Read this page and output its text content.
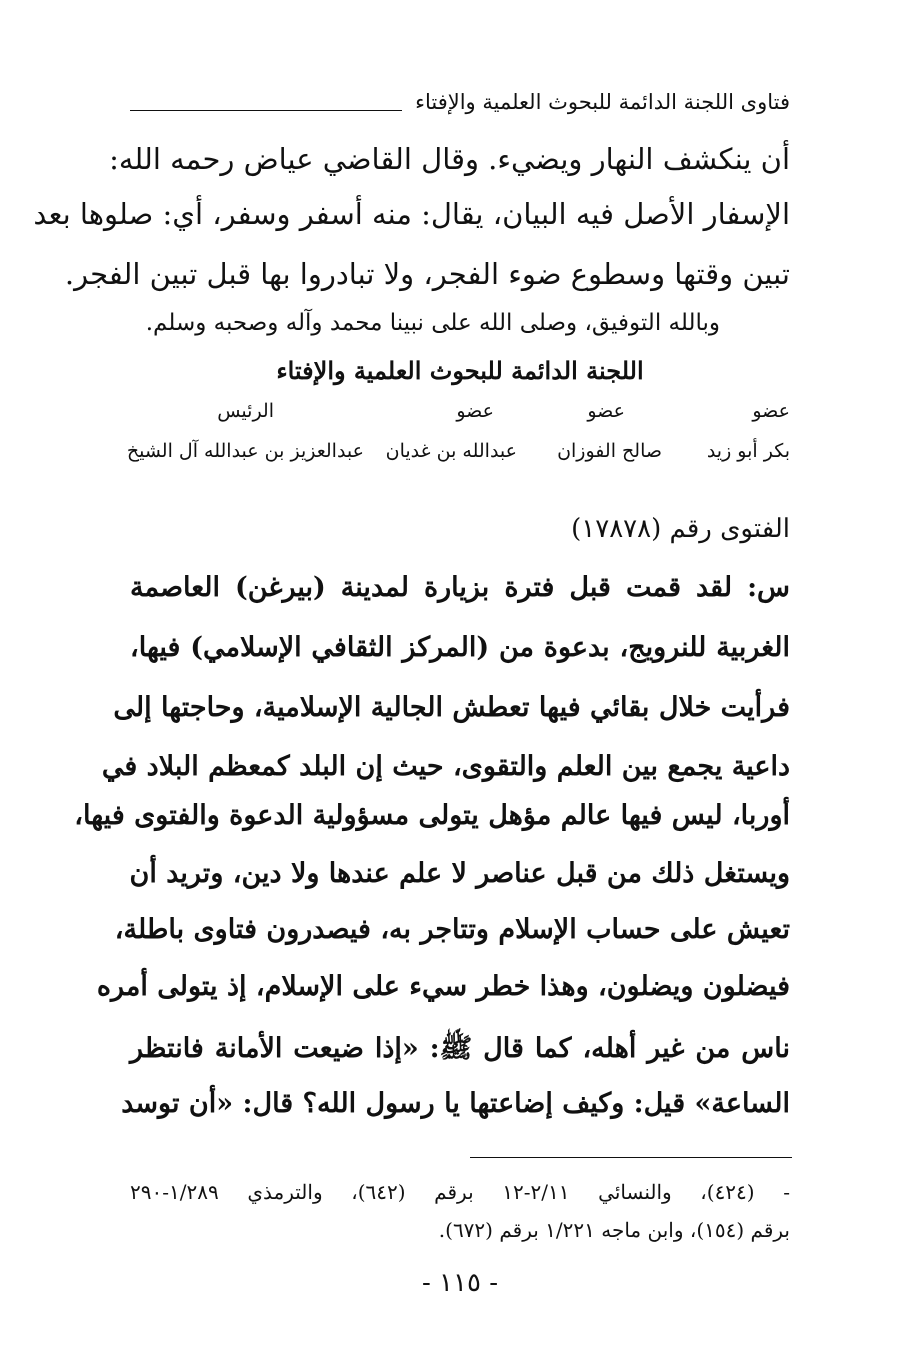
فتاوى اللجنة الدائمة للبحوث العلمية والإفتاء
أن ينكشف النهار ويضيء. وقال القاضي عياض رحمه الله:
الإسفار الأصل فيه البيان، يقال: منه أسفر وسفر، أي: صلوها بعد
تبين وقتها وسطوع ضوء الفجر، ولا تبادروا بها قبل تبين الفجر.
وبالله التوفيق، وصلى الله على نبينا محمد وآله وصحبه وسلم.
اللجنة الدائمة للبحوث العلمية والإفتاء
عضو
عضو
عضو
الرئيس
بكر أبو زيد
صالح الفوزان
عبدالله بن غديان
عبدالعزيز بن عبدالله آل الشيخ
الفتوى رقم (١٧٨٧٨)
س: لقد قمت قبل فترة بزيارة لمدينة (بيرغن) العاصمة
الغربية للنرويج، بدعوة من (المركز الثقافي الإسلامي) فيها،
فرأيت خلال بقائي فيها تعطش الجالية الإسلامية، وحاجتها إلى
داعية يجمع بين العلم والتقوى، حيث إن البلد كمعظم البلاد في
أوربا، ليس فيها عالم مؤهل يتولى مسؤولية الدعوة والفتوى فيها،
ويستغل ذلك من قبل عناصر لا علم عندها ولا دين، وتريد أن
تعيش على حساب الإسلام وتتاجر به، فيصدرون فتاوى باطلة،
فيضلون ويضلون، وهذا خطر سيء على الإسلام، إذ يتولى أمره
ناس من غير أهله، كما قال ﷺ: «إذا ضيعت الأمانة فانتظر
الساعة» قيل: وكيف إضاعتها يا رسول الله؟ قال: «أن توسد
- (٤٢٤)، والنسائي ٢/١١-١٢ برقم (٦٤٢)، والترمذي ١/٢٨٩-٢٩٠
برقم (١٥٤)، وابن ماجه ١/٢٢١ برقم (٦٧٢).
- ١١٥ -
